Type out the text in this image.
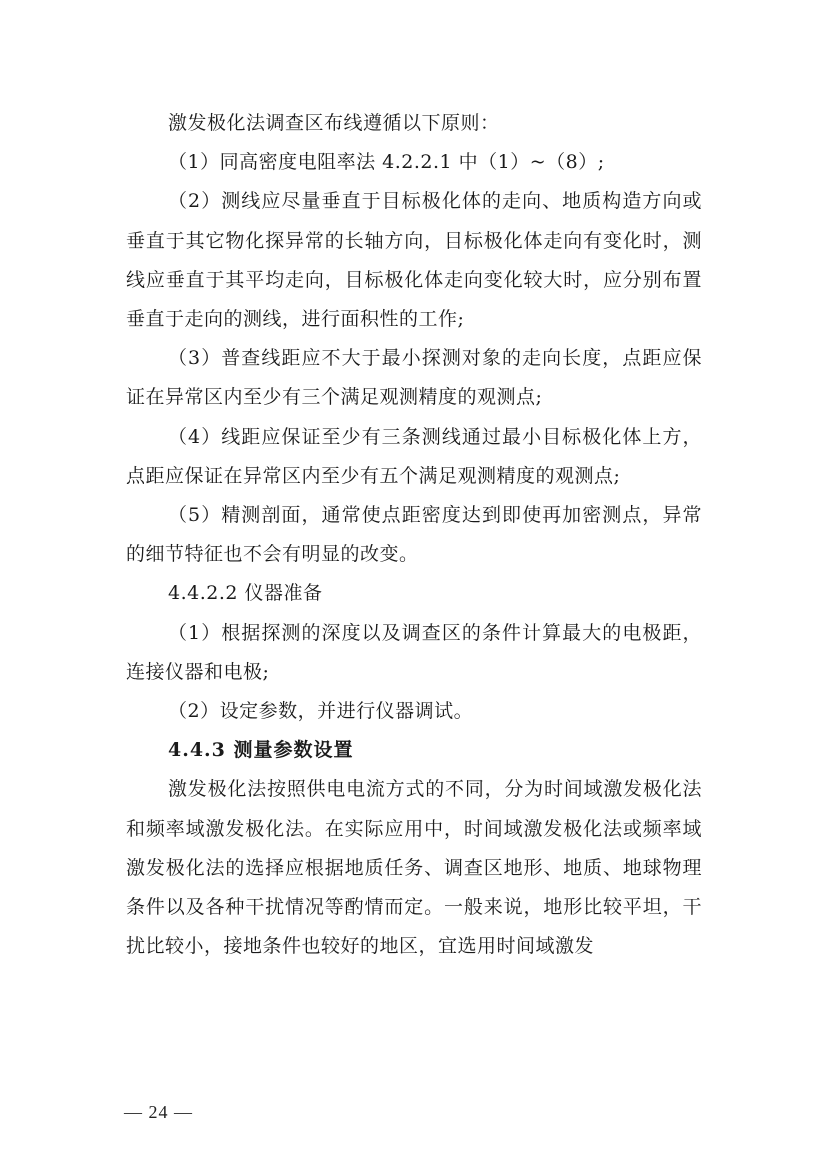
激发极化法调查区布线遵循以下原则：

（1）同高密度电阻率法 4.2.2.1 中（1）~（8）;

（2）测线应尽量垂直于目标极化体的走向、地质构造方向或垂直于其它物化探异常的长轴方向，目标极化体走向有变化时，测线应垂直于其平均走向，目标极化体走向变化较大时，应分别布置垂直于走向的测线，进行面积性的工作;

（3）普查线距应不大于最小探测对象的走向长度，点距应保证在异常区内至少有三个满足观测精度的观测点;

（4）线距应保证至少有三条测线通过最小目标极化体上方，点距应保证在异常区内至少有五个满足观测精度的观测点;

（5）精测剖面，通常使点距密度达到即使再加密测点，异常的细节特征也不会有明显的改变。

4.4.2.2 仪器准备

（1）根据探测的深度以及调查区的条件计算最大的电极距，连接仪器和电极;

（2）设定参数，并进行仪器调试。

4.4.3 测量参数设置

激发极化法按照供电电流方式的不同，分为时间域激发极化法和频率域激发极化法。在实际应用中，时间域激发极化法或频率域激发极化法的选择应根据地质任务、调查区地形、地质、地球物理条件以及各种干扰情况等酌情而定。一般来说，地形比较平坦，干扰比较小，接地条件也较好的地区，宜选用时间域激发

— 24 —
